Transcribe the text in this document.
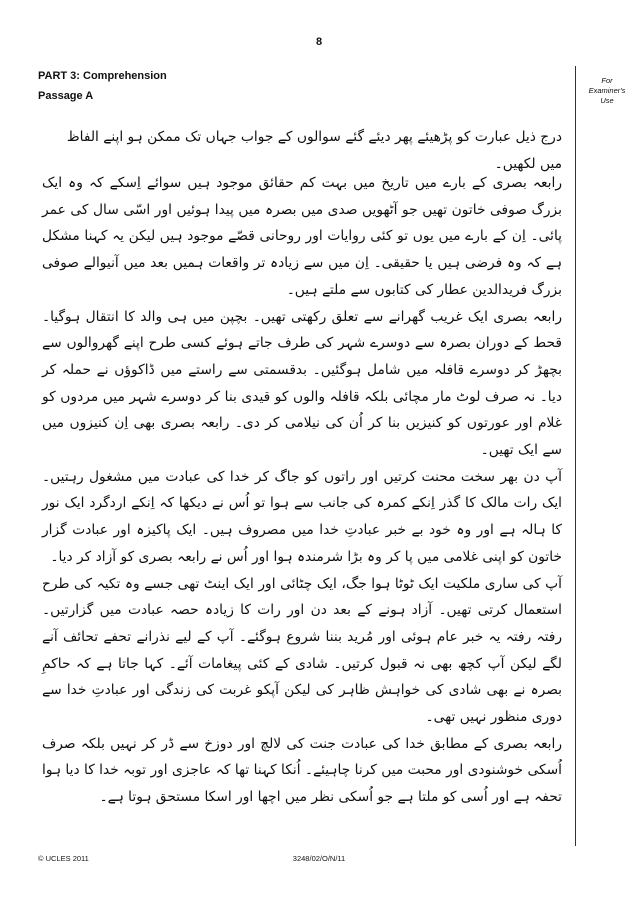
8
PART 3: Comprehension
Passage A
For
Examiner's
Use
درج ذیل عبارت کو پڑھیئے پھر دیئے گئے سوالوں کے جواب جہاں تک ممکن ہو اپنے الفاظ میں لکھیں۔

رابعہ بصری کے بارے میں تاریخ میں بہت کم حقائق موجود ہیں سوائے اِسکے کہ وہ ایک بزرگ صوفی خاتون تھیں جو آٹھویں صدی میں بصرہ میں پیدا ہوئیں اور اسّی سال کی عمر پائی۔ اِن کے بارے میں یوں تو کئی روایات اور روحانی قصّے موجود ہیں لیکن یہ کہنا مشکل ہے کہ وہ فرضی ہیں یا حقیقی۔ اِن میں سے زیادہ تر واقعات ہمیں بعد میں آنیوالے صوفی بزرگ فریدالدین عطار کی کتابوں سے ملتے ہیں۔

رابعہ بصری ایک غریب گھرانے سے تعلق رکھتی تھیں۔ بچپن میں ہی والد کا انتقال ہوگیا۔ قحط کے دوران بصرہ سے دوسرے شہر کی طرف جاتے ہوئے کسی طرح اپنے گھروالوں سے بچھڑ کر دوسرے قافلہ میں شامل ہوگئیں۔ بدقسمتی سے راستے میں ڈاکوؤں نے حملہ کر دیا۔ نہ صرف لوٹ مار مچائی بلکہ قافلہ والوں کو قیدی بنا کر دوسرے شہر میں مردوں کو غلام اور عورتوں کو کنیزیں بنا کر اُن کی نیلامی کر دی۔ رابعہ بصری بھی اِن کنیزوں میں سے ایک تھیں۔

آپ دن بھر سخت محنت کرتیں اور راتوں کو جاگ کر خدا کی عبادت میں مشغول رہتیں۔ ایک رات مالک کا گذر اِنکے کمرہ کی جانب سے ہوا تو اُس نے دیکھا کہ اِنکے اردگرد ایک نور کا ہالہ ہے اور وہ خود بے خبر عبادتِ خدا میں مصروف ہیں۔ ایک پاکیزہ اور عبادت گزار خاتون کو اپنی غلامی میں پا کر وہ بڑا شرمندہ ہوا اور اُس نے رابعہ بصری کو آزاد کر دیا۔

آپ کی ساری ملکیت ایک ٹوٹا ہوا جگ، ایک چٹائی اور ایک اینٹ تھی جسے وہ تکیہ کی طرح استعمال کرتی تھیں۔ آزاد ہونے کے بعد دن اور رات کا زیادہ حصہ عبادت میں گزارتیں۔ رفتہ رفتہ یہ خبر عام ہوئی اور مُرید بننا شروع ہوگئے۔ آپ کے لیے نذرانے تحفے تحائف آنے لگے لیکن آپ کچھ بھی نہ قبول کرتیں۔ شادی کے کئی پیغامات آئے۔ کہا جاتا ہے کہ حاکمِ بصرہ نے بھی شادی کی خواہش ظاہر کی لیکن آپکو غربت کی زندگی اور عبادتِ خدا سے دوری منظور نہیں تھی۔

رابعہ بصری کے مطابق خدا کی عبادت جنت کی لالچ اور دوزخ سے ڈر کر نہیں بلکہ صرف اُسکی خوشنودی اور محبت میں کرنا چاہیئے۔ اُنکا کہنا تھا کہ عاجزی اور توبہ خدا کا دیا ہوا تحفہ ہے اور اُسی کو ملتا ہے جو اُسکی نظر میں اچھا اور اسکا مستحق ہوتا ہے۔

© UCLES 2011	3248/02/O/N/11
